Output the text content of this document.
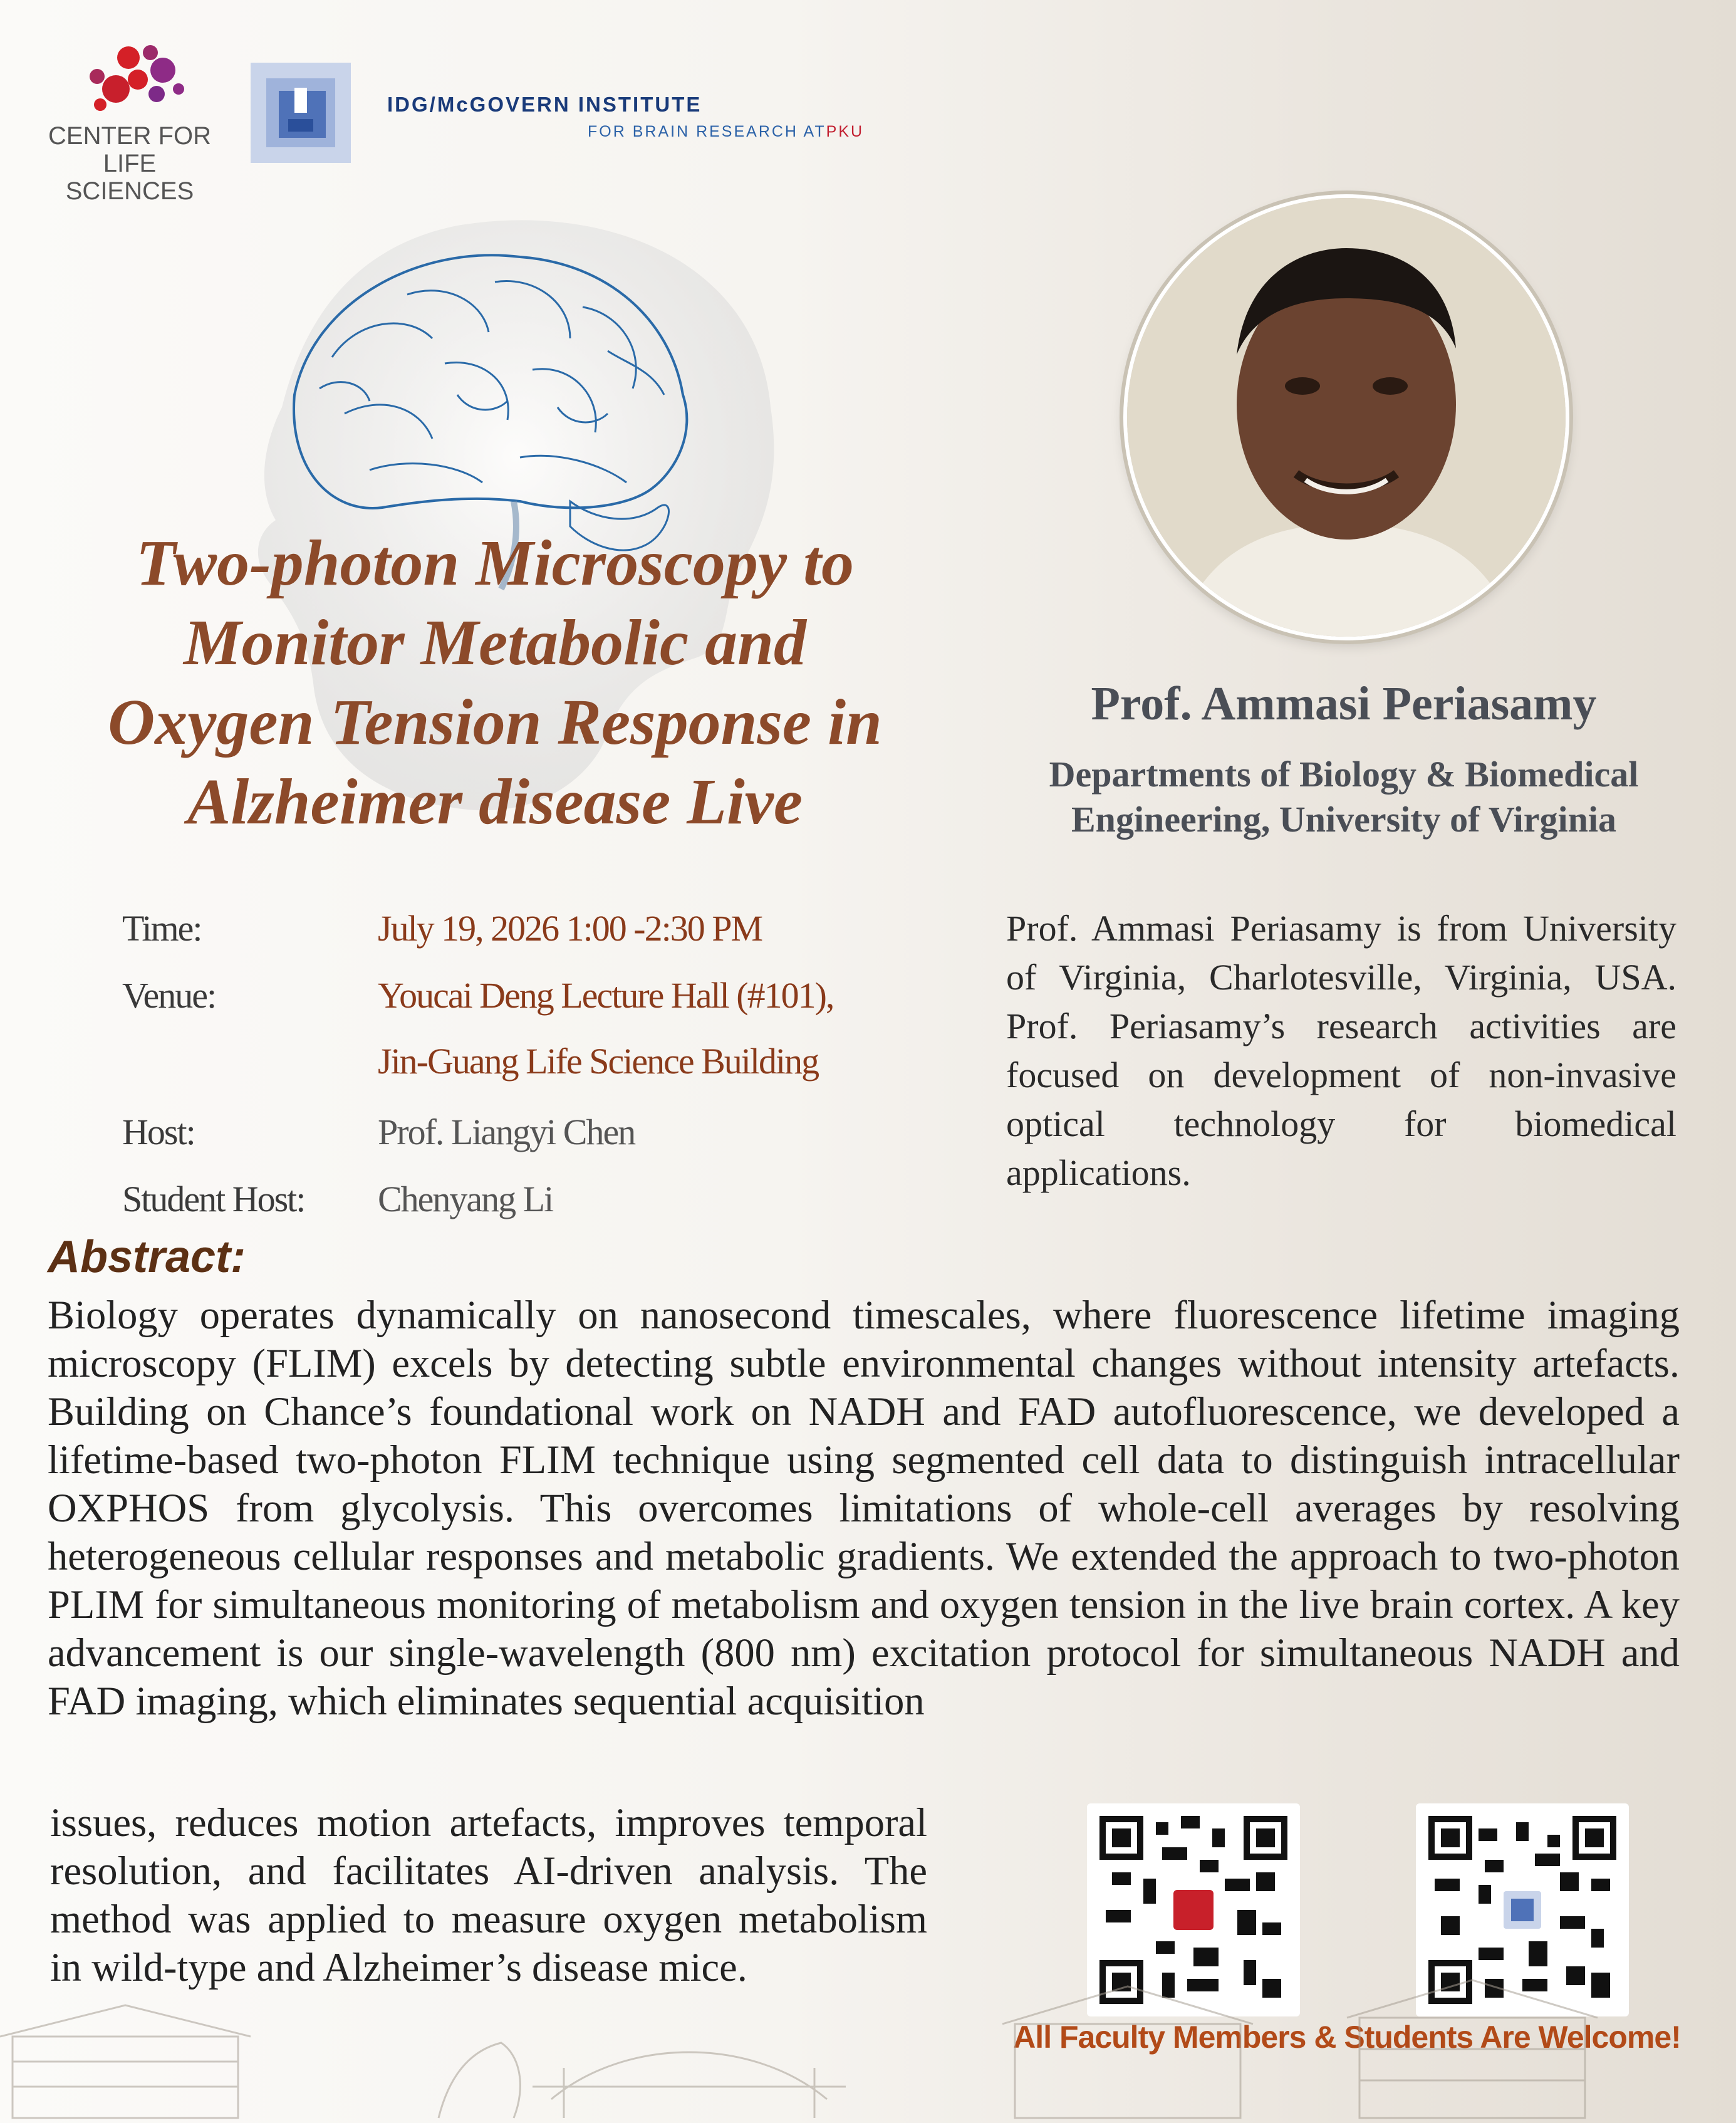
CENTER FOR
LIFE SCIENCES
IDG/McGOVERN INSTITUTE
FOR BRAIN RESEARCH ATPKU
Two-photon Microscopy to
Monitor Metabolic and
Oxygen Tension Response in
Alzheimer disease Live
Time:	July 19, 2026 1:00 -2:30 PM
Venue:	Youcai Deng Lecture Hall (#101),
Jin-Guang Life Science Building
Host:	Prof. Liangyi Chen
Student Host: Chenyang Li
Prof. Ammasi Periasamy
Departments of Biology & Biomedical
Engineering, University of Virginia

Prof. Ammasi Periasamy is from University of Virginia, Charlotesville, Virginia, USA. Prof. Periasamy’s research activities are focused on development of non-invasive optical technology for biomedical applications.

Abstract:

Biology operates dynamically on nanosecond timescales, where fluorescence lifetime imaging microscopy (FLIM) excels by detecting subtle environmental changes without intensity artefacts. Building on Chance’s foundational work on NADH and FAD autofluorescence, we developed a lifetime-based two-photon FLIM technique using segmented cell data to distinguish intracellular OXPHOS from glycolysis. This overcomes limitations of whole-cell averages by resolving heterogeneous cellular responses and metabolic gradients. We extended the approach to two-photon PLIM for simultaneous monitoring of metabolism and oxygen tension in the live brain cortex. A key advancement is our single-wavelength (800 nm) excitation protocol for simultaneous NADH and FAD imaging, which eliminates sequential acquisition

issues, reduces motion artefacts, improves temporal resolution, and facilitates AI-driven analysis. The method was applied to measure oxygen metabolism in wild-type and Alzheimer’s disease mice.

All Faculty Members & Students Are Welcome!
